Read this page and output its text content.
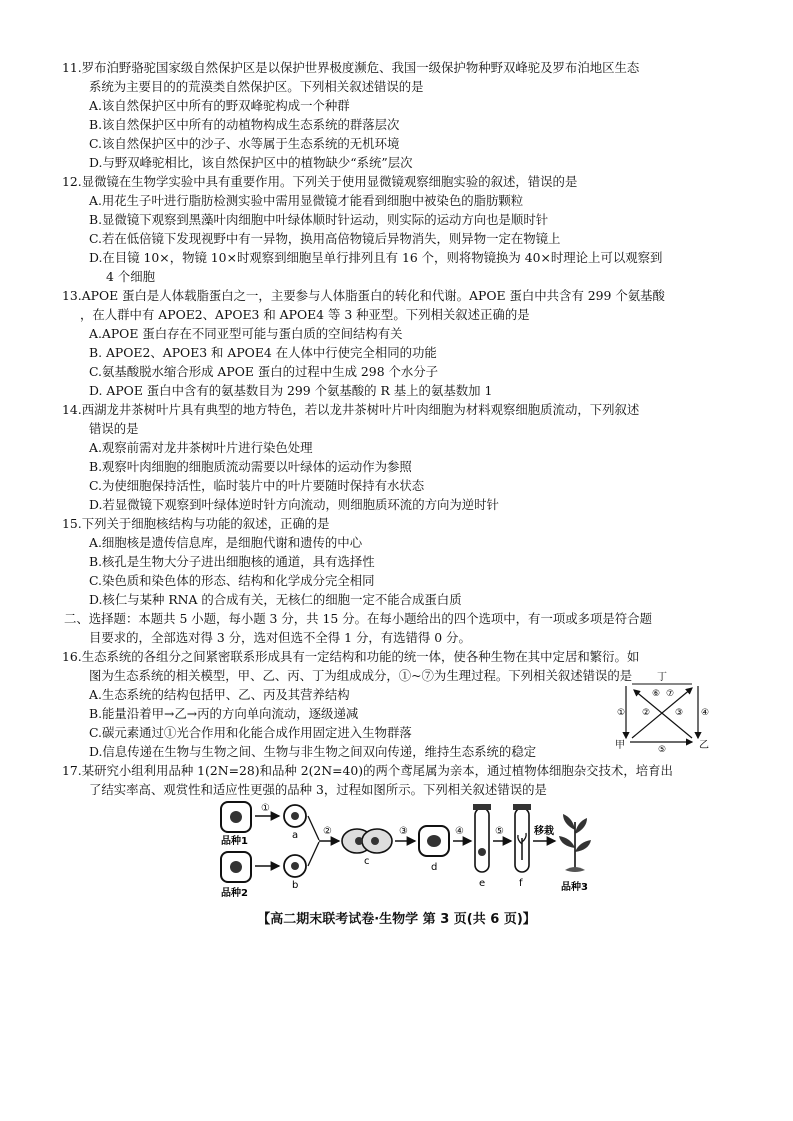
11.罗布泊野骆驼国家级自然保护区是以保护世界极度濒危、我国一级保护物种野双峰驼及罗布泊地区生态
系统为主要目的的荒漠类自然保护区。下列相关叙述错误的是
A.该自然保护区中所有的野双峰驼构成一个种群
B.该自然保护区中所有的动植物构成生态系统的群落层次
C.该自然保护区中的沙子、水等属于生态系统的无机环境
D.与野双峰驼相比，该自然保护区中的植物缺少“系统”层次
12.显微镜在生物学实验中具有重要作用。下列关于使用显微镜观察细胞实验的叙述，错误的是
A.用花生子叶进行脂肪检测实验中需用显微镜才能看到细胞中被染色的脂肪颗粒
B.显微镜下观察到黑藻叶肉细胞中叶绿体顺时针运动，则实际的运动方向也是顺时针
C.若在低倍镜下发现视野中有一异物，换用高倍物镜后异物消失，则异物一定在物镜上
D.在目镜 10×，物镜 10×时观察到细胞呈单行排列且有 16 个，则将物镜换为 40×时理论上可以观察到
4 个细胞
13.APOE 蛋白是人体载脂蛋白之一，主要参与人体脂蛋白的转化和代谢。APOE 蛋白中共含有 299 个氨基酸
，在人群中有 APOE2、APOE3 和 APOE4 等 3 种亚型。下列相关叙述正确的是
A.APOE 蛋白存在不同亚型可能与蛋白质的空间结构有关
B. APOE2、APOE3 和 APOE4 在人体中行使完全相同的功能
C.氨基酸脱水缩合形成 APOE 蛋白的过程中生成 298 个水分子
D. APOE 蛋白中含有的氨基数目为 299 个氨基酸的 R 基上的氨基数加 1
14.西湖龙井茶树叶片具有典型的地方特色，若以龙井茶树叶片叶肉细胞为材料观察细胞质流动，下列叙述
错误的是
A.观察前需对龙井茶树叶片进行染色处理
B.观察叶肉细胞的细胞质流动需要以叶绿体的运动作为参照
C.为使细胞保持活性，临时装片中的叶片要随时保持有水状态
D.若显微镜下观察到叶绿体逆时针方向流动，则细胞质环流的方向为逆时针
15.下列关于细胞核结构与功能的叙述，正确的是
A.细胞核是遗传信息库，是细胞代谢和遗传的中心
B.核孔是生物大分子进出细胞核的通道，具有选择性
C.染色质和染色体的形态、结构和化学成分完全相同
D.核仁与某种 RNA 的合成有关，无核仁的细胞一定不能合成蛋白质
二、选择题：本题共 5 小题，每小题 3 分，共 15 分。在每小题给出的四个选项中，有一项或多项是符合题
目要求的，全部选对得 3 分，选对但选不全得 1 分，有选错得 0 分。
16.生态系统的各组分之间紧密联系形成具有一定结构和功能的统一体，使各种生物在其中定居和繁衍。如
图为生态系统的相关模型，甲、乙、丙、丁为组成成分，①~⑦为生理过程。下列相关叙述错误的是
A.生态系统的结构包括甲、乙、丙及其营养结构
B.能量沿着甲→乙→丙的方向单向流动，逐级递减
C.碳元素通过①光合作用和化能合成作用固定进入生物群落
D.信息传递在生物与生物之间、生物与非生物之间双向传递，维持生态系统的稳定
丁
甲	乙
① ②	③ ④
⑤
⑥ ⑦
17.某研究小组利用品种 1(2N=28)和品种 2(2N=40)的两个鸢尾属为亲本，通过植物体细胞杂交技术，培育出
了结实率高、观赏性和适应性更强的品种 3，过程如图所示。下列相关叙述错误的是
品种1
品种2
①
a
b
②
c
③
d
④
e
⑤
f
移栽
品种3
【高二期末联考试卷·生物学 第 3 页(共 6 页)】
